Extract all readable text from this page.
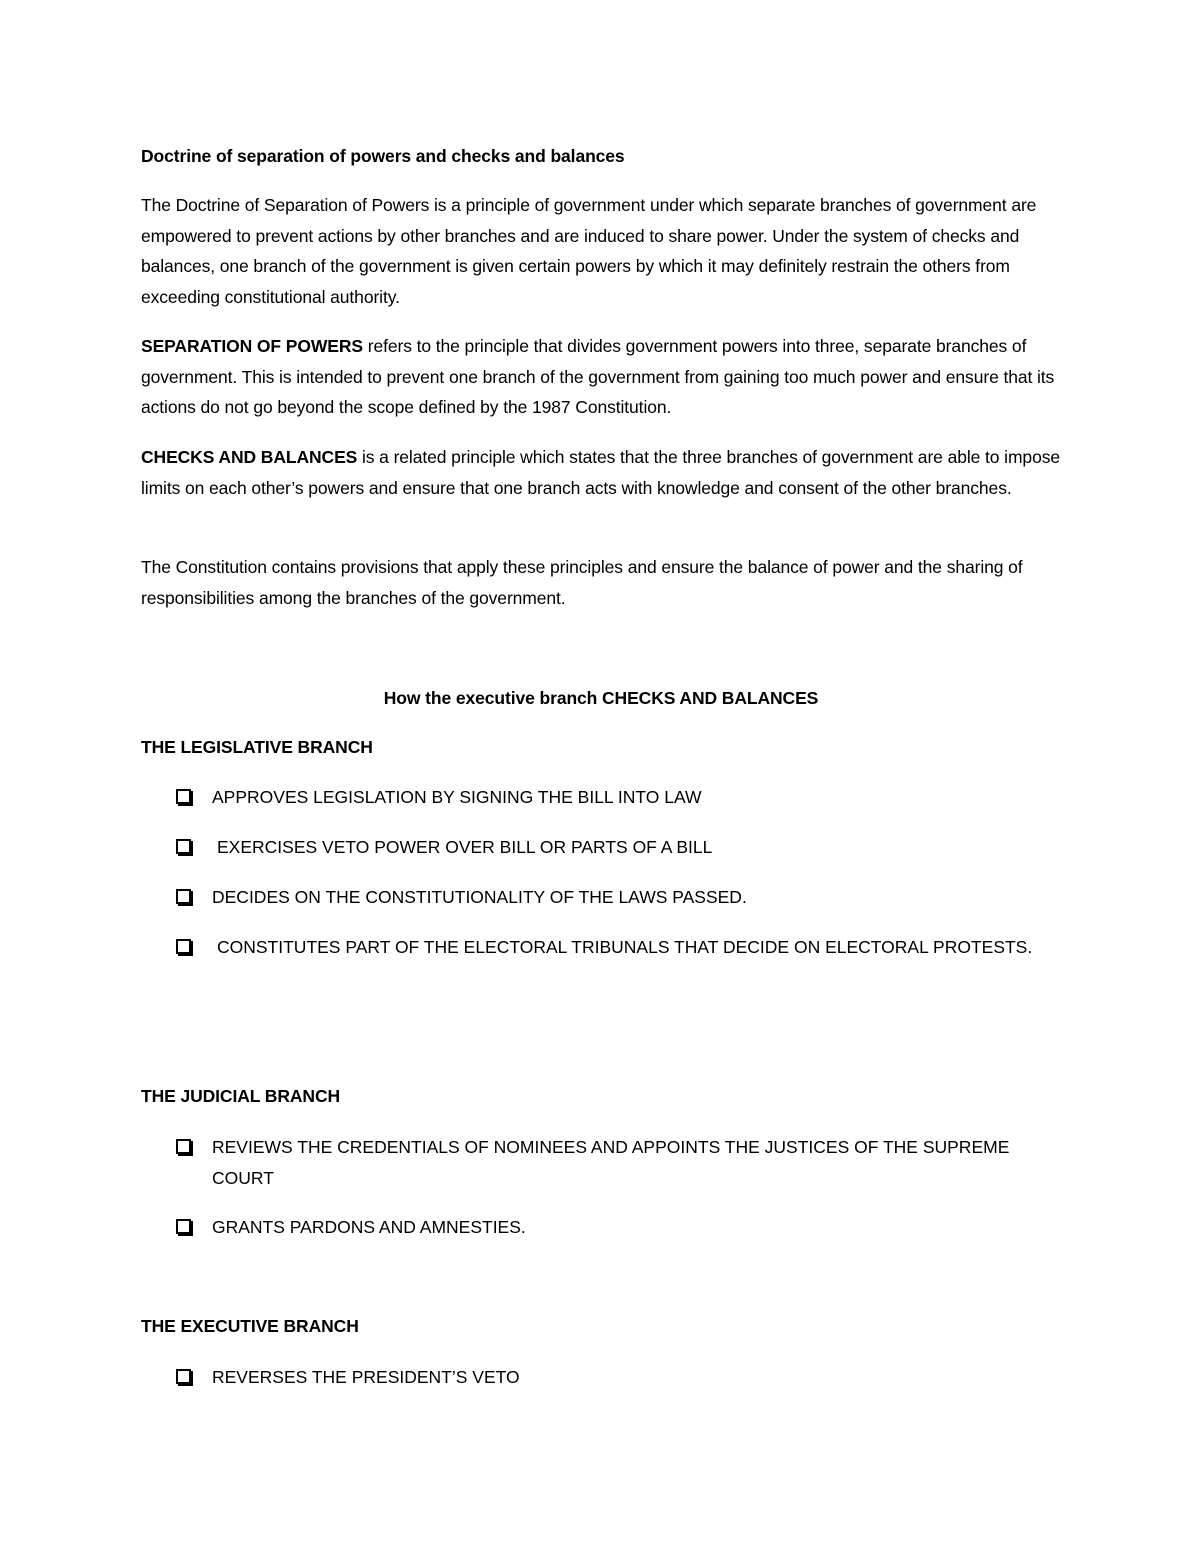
Doctrine of separation of powers and checks and balances
The Doctrine of Separation of Powers is a principle of government under which separate branches of government are empowered to prevent actions by other branches and are induced to share power. Under the system of checks and balances, one branch of the government is given certain powers by which it may definitely restrain the others from exceeding constitutional authority.
SEPARATION OF POWERS refers to the principle that divides government powers into three, separate branches of government. This is intended to prevent one branch of the government from gaining too much power and ensure that its actions do not go beyond the scope defined by the 1987 Constitution.
CHECKS AND BALANCES is a related principle which states that the three branches of government are able to impose limits on each other’s powers and ensure that one branch acts with knowledge and consent of the other branches.
The Constitution contains provisions that apply these principles and ensure the balance of power and the sharing of responsibilities among the branches of the government.
How the executive branch CHECKS AND BALANCES
THE LEGISLATIVE BRANCH
APPROVES LEGISLATION BY SIGNING THE BILL INTO LAW
EXERCISES VETO POWER OVER BILL OR PARTS OF A BILL
DECIDES ON THE CONSTITUTIONALITY OF THE LAWS PASSED.
CONSTITUTES PART OF THE ELECTORAL TRIBUNALS THAT DECIDE ON ELECTORAL PROTESTS.
THE JUDICIAL BRANCH
REVIEWS THE CREDENTIALS OF NOMINEES AND APPOINTS THE JUSTICES OF THE SUPREME COURT
GRANTS PARDONS AND AMNESTIES.
THE EXECUTIVE BRANCH
REVERSES THE PRESIDENT’S VETO
